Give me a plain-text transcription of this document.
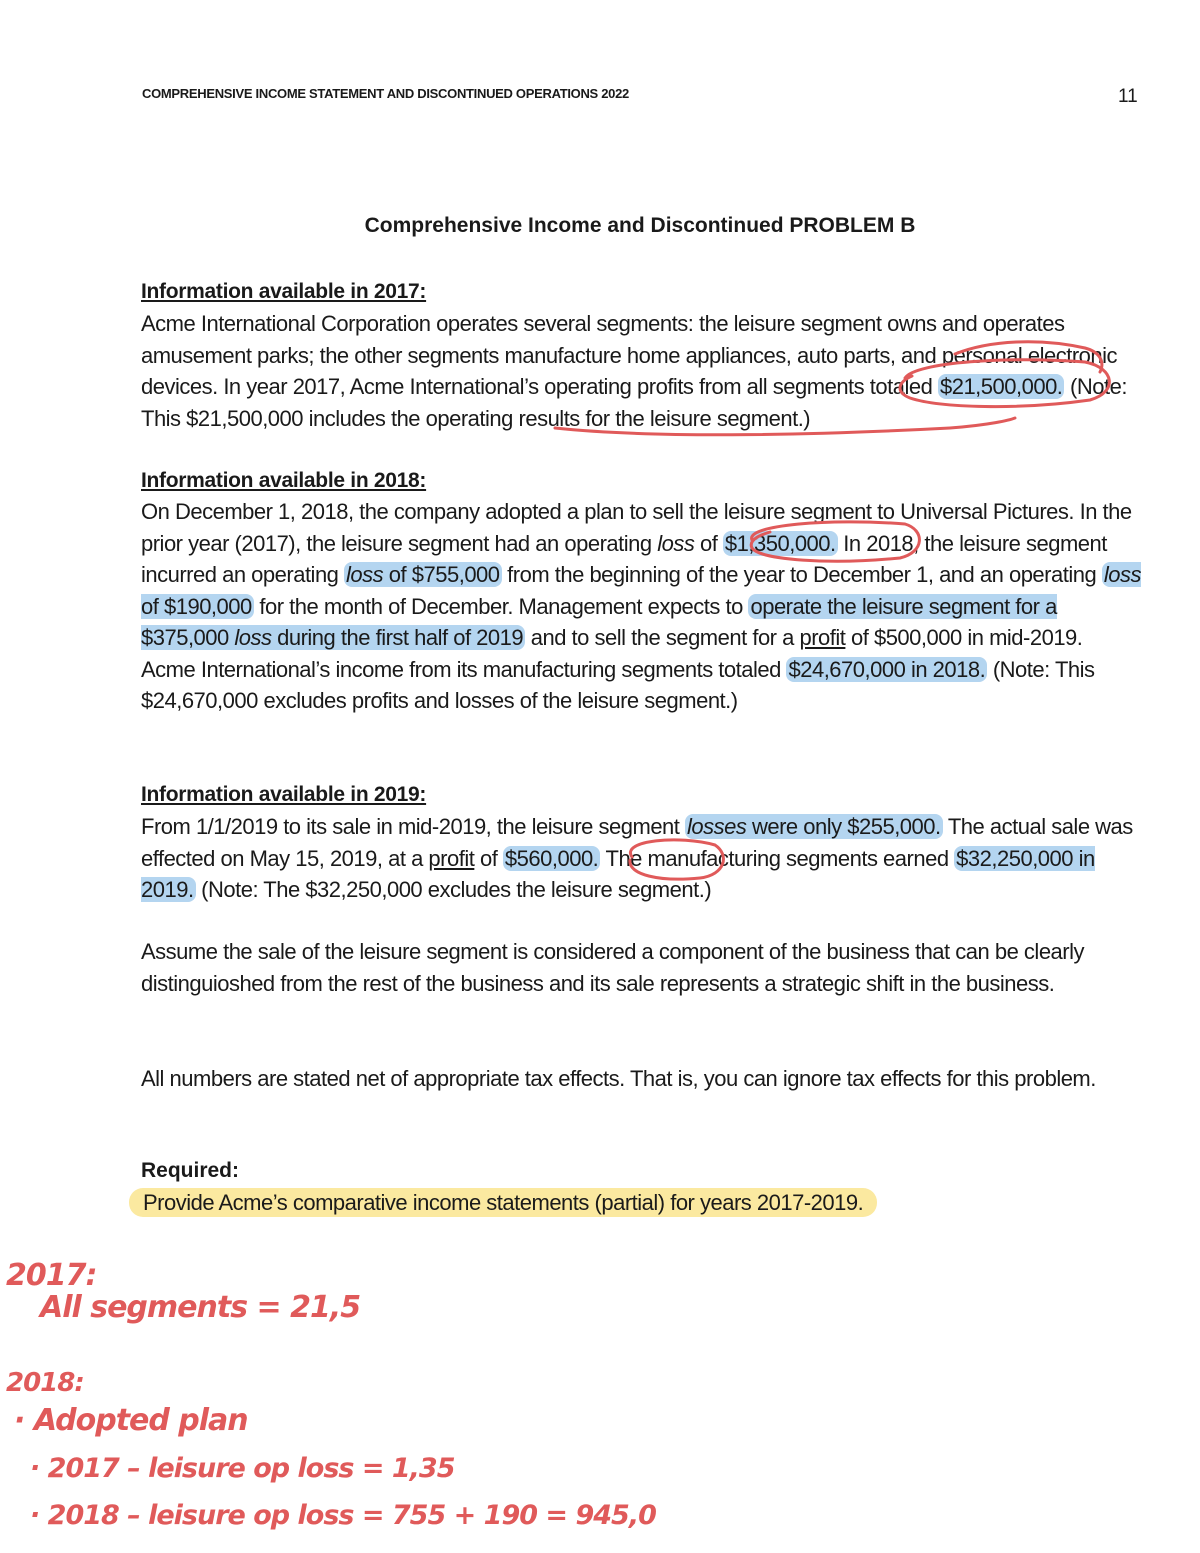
COMPREHENSIVE INCOME STATEMENT AND DISCONTINUED OPERATIONS 2022	11
Comprehensive Income and Discontinued PROBLEM B
Information available in 2017:
Acme International Corporation operates several segments: the leisure segment owns and operates amusement parks; the other segments manufacture home appliances, auto parts, and personal electronic devices. In year 2017, Acme International’s operating profits from all segments totaled $21,500,000. (Note: This $21,500,000 includes the operating results for the leisure segment.)
Information available in 2018:
On December 1, 2018, the company adopted a plan to sell the leisure segment to Universal Pictures. In the prior year (2017), the leisure segment had an operating loss of $1,350,000. In 2018, the leisure segment incurred an operating loss of $755,000 from the beginning of the year to December 1, and an operating loss of $190,000 for the month of December. Management expects to operate the leisure segment for a $375,000 loss during the first half of 2019 and to sell the segment for a profit of $500,000 in mid-2019. Acme International’s income from its manufacturing segments totaled $24,670,000 in 2018. (Note: This $24,670,000 excludes profits and losses of the leisure segment.)
Information available in 2019:
From 1/1/2019 to its sale in mid-2019, the leisure segment losses were only $255,000. The actual sale was effected on May 15, 2019, at a profit of $560,000. The manufacturing segments earned $32,250,000 in 2019. (Note: The $32,250,000 excludes the leisure segment.)
Assume the sale of the leisure segment is considered a component of the business that can be clearly distinguioshed from the rest of the business and its sale represents a strategic shift in the business.
All numbers are stated net of appropriate tax effects. That is, you can ignore tax effects for this problem.
Required:
Provide Acme’s comparative income statements (partial) for years 2017-2019.
2017:
All segments = 21,5
2018:
· Adopted plan
· 2017 – leisure op loss = 1,35
· 2018 – leisure op loss = 755 + 190 = 945,0
